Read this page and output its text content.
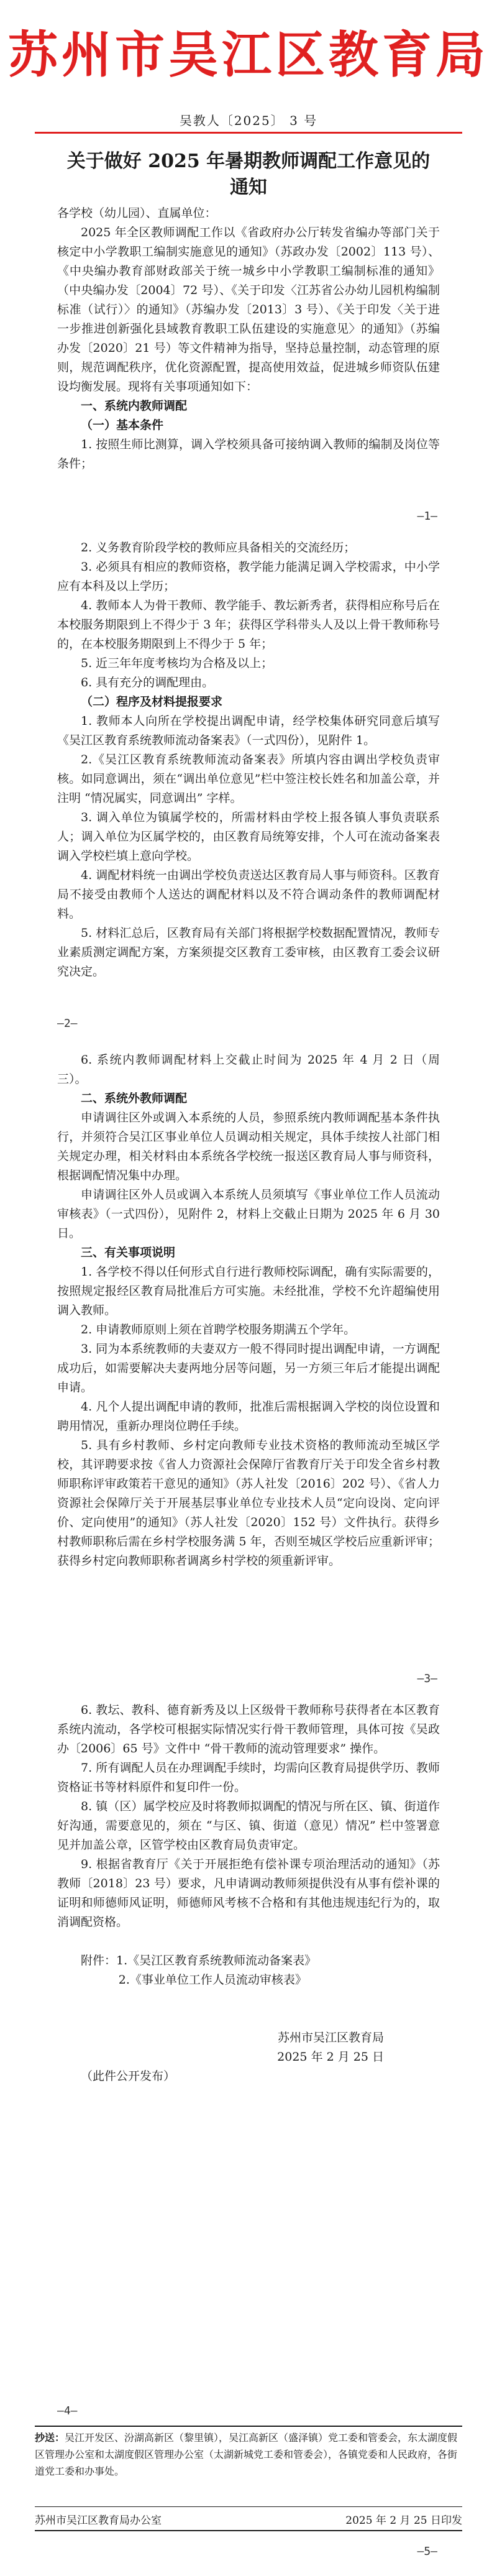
苏州市吴江区教育局
吴教人〔2025〕 3 号
关于做好 2025 年暑期教师调配工作意见的
通知

各学校（幼儿园）、直属单位：

2025 年全区教师调配工作以《省政府办公厅转发省编办等部门关于核定中小学教职工编制实施意见的通知》（苏政办发〔2002〕113 号）、《中央编办教育部财政部关于统一城乡中小学教职工编制标准的通知》（中央编办发〔2004〕72 号）、《关于印发〈江苏省公办幼儿园机构编制标准（试行）〉的通知》（苏编办发〔2013〕3 号）、《关于印发〈关于进一步推进创新强化县域教育教职工队伍建设的实施意见〉的通知》（苏编办发〔2020〕21 号）等文件精神为指导，坚持总量控制，动态管理的原则，规范调配秩序，优化资源配置，提高使用效益，促进城乡师资队伍建设均衡发展。现将有关事项通知如下：

一、系统内教师调配

（一）基本条件

1. 按照生师比测算，调入学校须具备可接纳调入教师的编制及岗位等条件；

—1—

2. 义务教育阶段学校的教师应具备相关的交流经历；

3. 必须具有相应的教师资格，教学能力能满足调入学校需求，中小学应有本科及以上学历；

4. 教师本人为骨干教师、教学能手、教坛新秀者，获得相应称号后在本校服务期限到上不得少于 3 年；获得区学科带头人及以上骨干教师称号的，在本校服务期限到上不得少于 5 年；

5. 近三年年度考核均为合格及以上；

6. 具有充分的调配理由。

（二）程序及材料提报要求

1. 教师本人向所在学校提出调配申请，经学校集体研究同意后填写《吴江区教育系统教师流动备案表》（一式四份），见附件 1。

2.《吴江区教育系统教师流动备案表》所填内容由调出学校负责审核。如同意调出，须在“调出单位意见”栏中签注校长姓名和加盖公章，并注明 “情况属实，同意调出” 字样。

3. 调入单位为镇属学校的，所需材料由学校上报各镇人事负责联系人；调入单位为区属学校的，由区教育局统筹安排，个人可在流动备案表调入学校栏填上意向学校。

4. 调配材料统一由调出学校负责送达区教育局人事与师资科。区教育局不接受由教师个人送达的调配材料以及不符合调动条件的教师调配材料。

5. 材料汇总后，区教育局有关部门将根据学校数据配置情况，教师专业素质测定调配方案，方案须提交区教育工委审核，由区教育工委会议研究决定。

—2—

6. 系统内教师调配材料上交截止时间为 2025 年 4 月 2 日（周三）。

二、系统外教师调配

申请调往区外或调入本系统的人员，参照系统内教师调配基本条件执行，并须符合吴江区事业单位人员调动相关规定，具体手续按人社部门相关规定办理，相关材料由本系统各学校统一报送区教育局人事与师资科，根据调配情况集中办理。

申请调往区外人员或调入本系统人员须填写《事业单位工作人员流动审核表》（一式四份），见附件 2，材料上交截止日期为 2025 年 6 月 30 日。

三、有关事项说明

1. 各学校不得以任何形式自行进行教师校际调配，确有实际需要的，按照规定报经区教育局批准后方可实施。未经批准，学校不允许超编使用调入教师。

2. 申请教师原则上须在首聘学校服务期满五个学年。

3. 同为本系统教师的夫妻双方一般不得同时提出调配申请，一方调配成功后，如需要解决夫妻两地分居等问题，另一方须三年后才能提出调配申请。

4. 凡个人提出调配申请的教师，批准后需根据调入学校的岗位设置和聘用情况，重新办理岗位聘任手续。

5. 具有乡村教师、乡村定向教师专业技术资格的教师流动至城区学校，其评聘要求按《省人力资源社会保障厅省教育厅关于印发全省乡村教师职称评审政策若干意见的通知》（苏人社发〔2016〕202 号）、《省人力资源社会保障厅关于开展基层事业单位专业技术人员“定向设岗、定向评价、定向使用”的通知》（苏人社发〔2020〕152 号）文件执行。获得乡村教师职称后需在乡村学校服务满 5 年，否则至城区学校后应重新评审；获得乡村定向教师职称者调离乡村学校的须重新评审。

—3—

6. 教坛、教科、德育新秀及以上区级骨干教师称号获得者在本区教育系统内流动，各学校可根据实际情况实行骨干教师管理，具体可按《吴政办〔2006〕65 号》文件中 “骨干教师的流动管理要求” 操作。

7. 所有调配人员在办理调配手续时，均需向区教育局提供学历、教师资格证书等材料原件和复印件一份。

8. 镇（区）属学校应及时将教师拟调配的情况与所在区、镇、街道作好沟通，需要意见的，须在 “与区、镇、街道（意见）情况” 栏中签署意见并加盖公章，区管学校由区教育局负责审定。

9. 根据省教育厅《关于开展拒绝有偿补课专项治理活动的通知》（苏教师〔2018〕23 号）要求，凡申请调动教师须提供没有从事有偿补课的证明和师德师风证明，师德师风考核不合格和有其他违规违纪行为的，取消调配资格。

附件：1.《吴江区教育系统教师流动备案表》

2.《事业单位工作人员流动审核表》

苏州市吴江区教育局

2025 年 2 月 25 日

（此件公开发布）

—4—
抄送：吴江开发区、汾湖高新区（黎里镇），吴江高新区（盛泽镇）党工委和管委会，东太湖度假区管理办公室和太湖度假区管理办公室（太湖新城党工委和管委会），各镇党委和人民政府，各街道党工委和办事处。
苏州市吴江区教育局办公室	2025 年 2 月 25 日印发
—5—
